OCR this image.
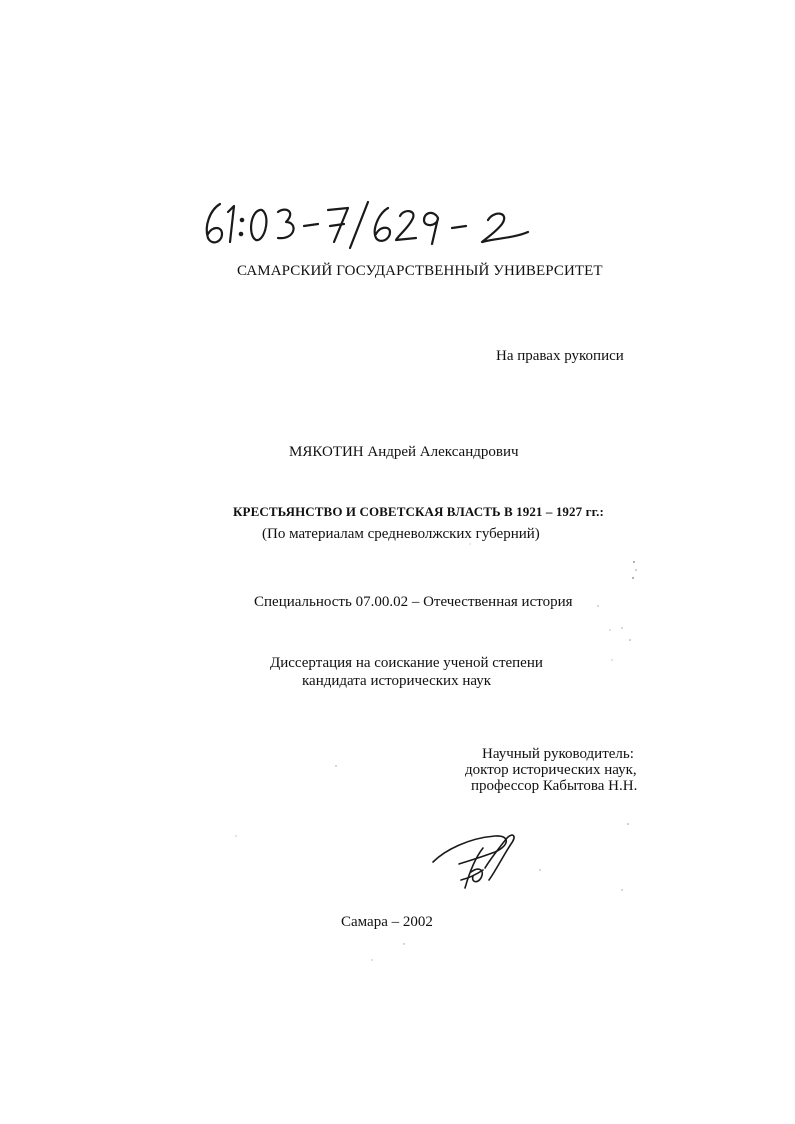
САМАРСКИЙ ГОСУДАРСТВЕННЫЙ УНИВЕРСИТЕТ
На правах рукописи
МЯКОТИН Андрей Александрович
КРЕСТЬЯНСТВО И СОВЕТСКАЯ ВЛАСТЬ В 1921 – 1927 гг.:
(По материалам средневолжских губерний)
Специальность 07.00.02 – Отечественная история
Диссертация на соискание ученой степени
кандидата исторических наук
Научный руководитель:
доктор исторических наук,
профессор Кабытова Н.Н.
Самара – 2002
